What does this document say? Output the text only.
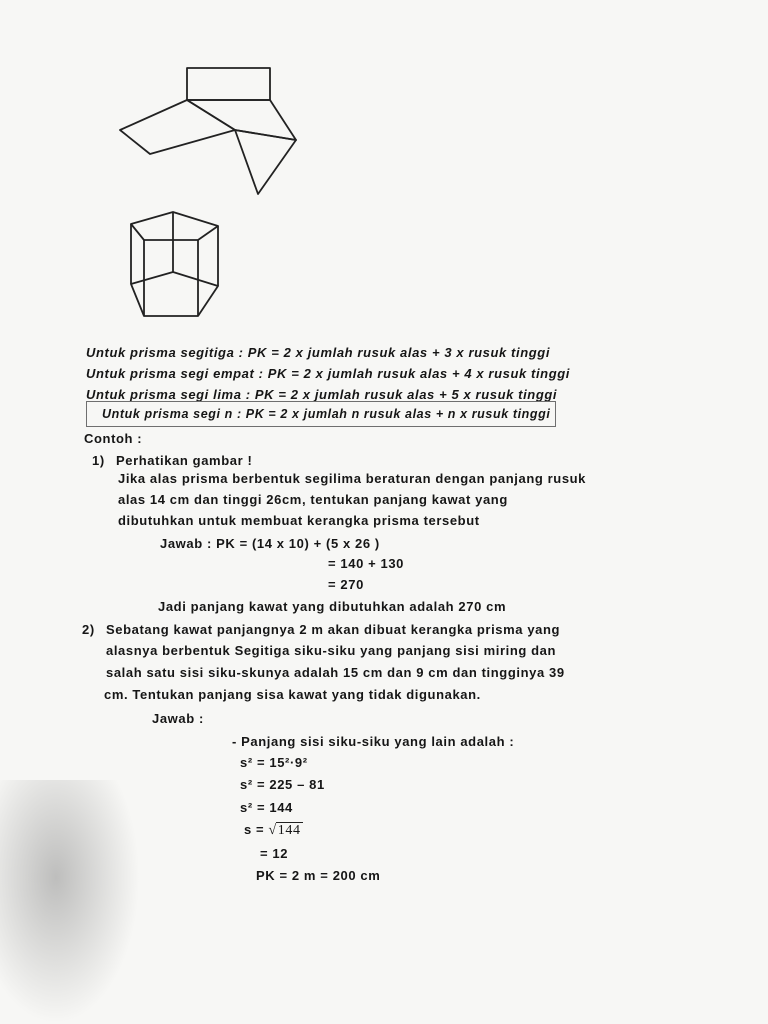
Untuk prisma segitiga : PK = 2 x jumlah rusuk alas + 3 x rusuk tinggi
Untuk prisma segi empat : PK = 2 x jumlah rusuk alas + 4 x rusuk tinggi
Untuk prisma segi lima : PK = 2 x jumlah rusuk alas + 5 x rusuk tinggi
Untuk prisma segi n : PK = 2 x jumlah n rusuk alas + n x rusuk tinggi
Contoh :
1) Perhatikan gambar !
Jika alas prisma berbentuk segilima beraturan dengan panjang rusuk
alas 14 cm dan tinggi 26cm, tentukan panjang kawat yang
dibutuhkan untuk membuat kerangka prisma tersebut
Jawab : PK = (14 x 10) + (5 x 26 )
= 140 + 130
= 270
Jadi panjang kawat yang dibutuhkan adalah 270 cm
2) Sebatang kawat panjangnya 2 m akan dibuat kerangka prisma yang
alasnya berbentuk Segitiga siku-siku yang panjang sisi miring dan
salah satu sisi siku-skunya adalah 15 cm dan 9 cm dan tingginya 39
cm. Tentukan panjang sisa kawat yang tidak digunakan.
Jawab :
- Panjang sisi siku-siku yang lain adalah :
s² = 15²·9²
s² = 225 – 81
s² = 144
s = √144
= 12
PK = 2 m = 200 cm
